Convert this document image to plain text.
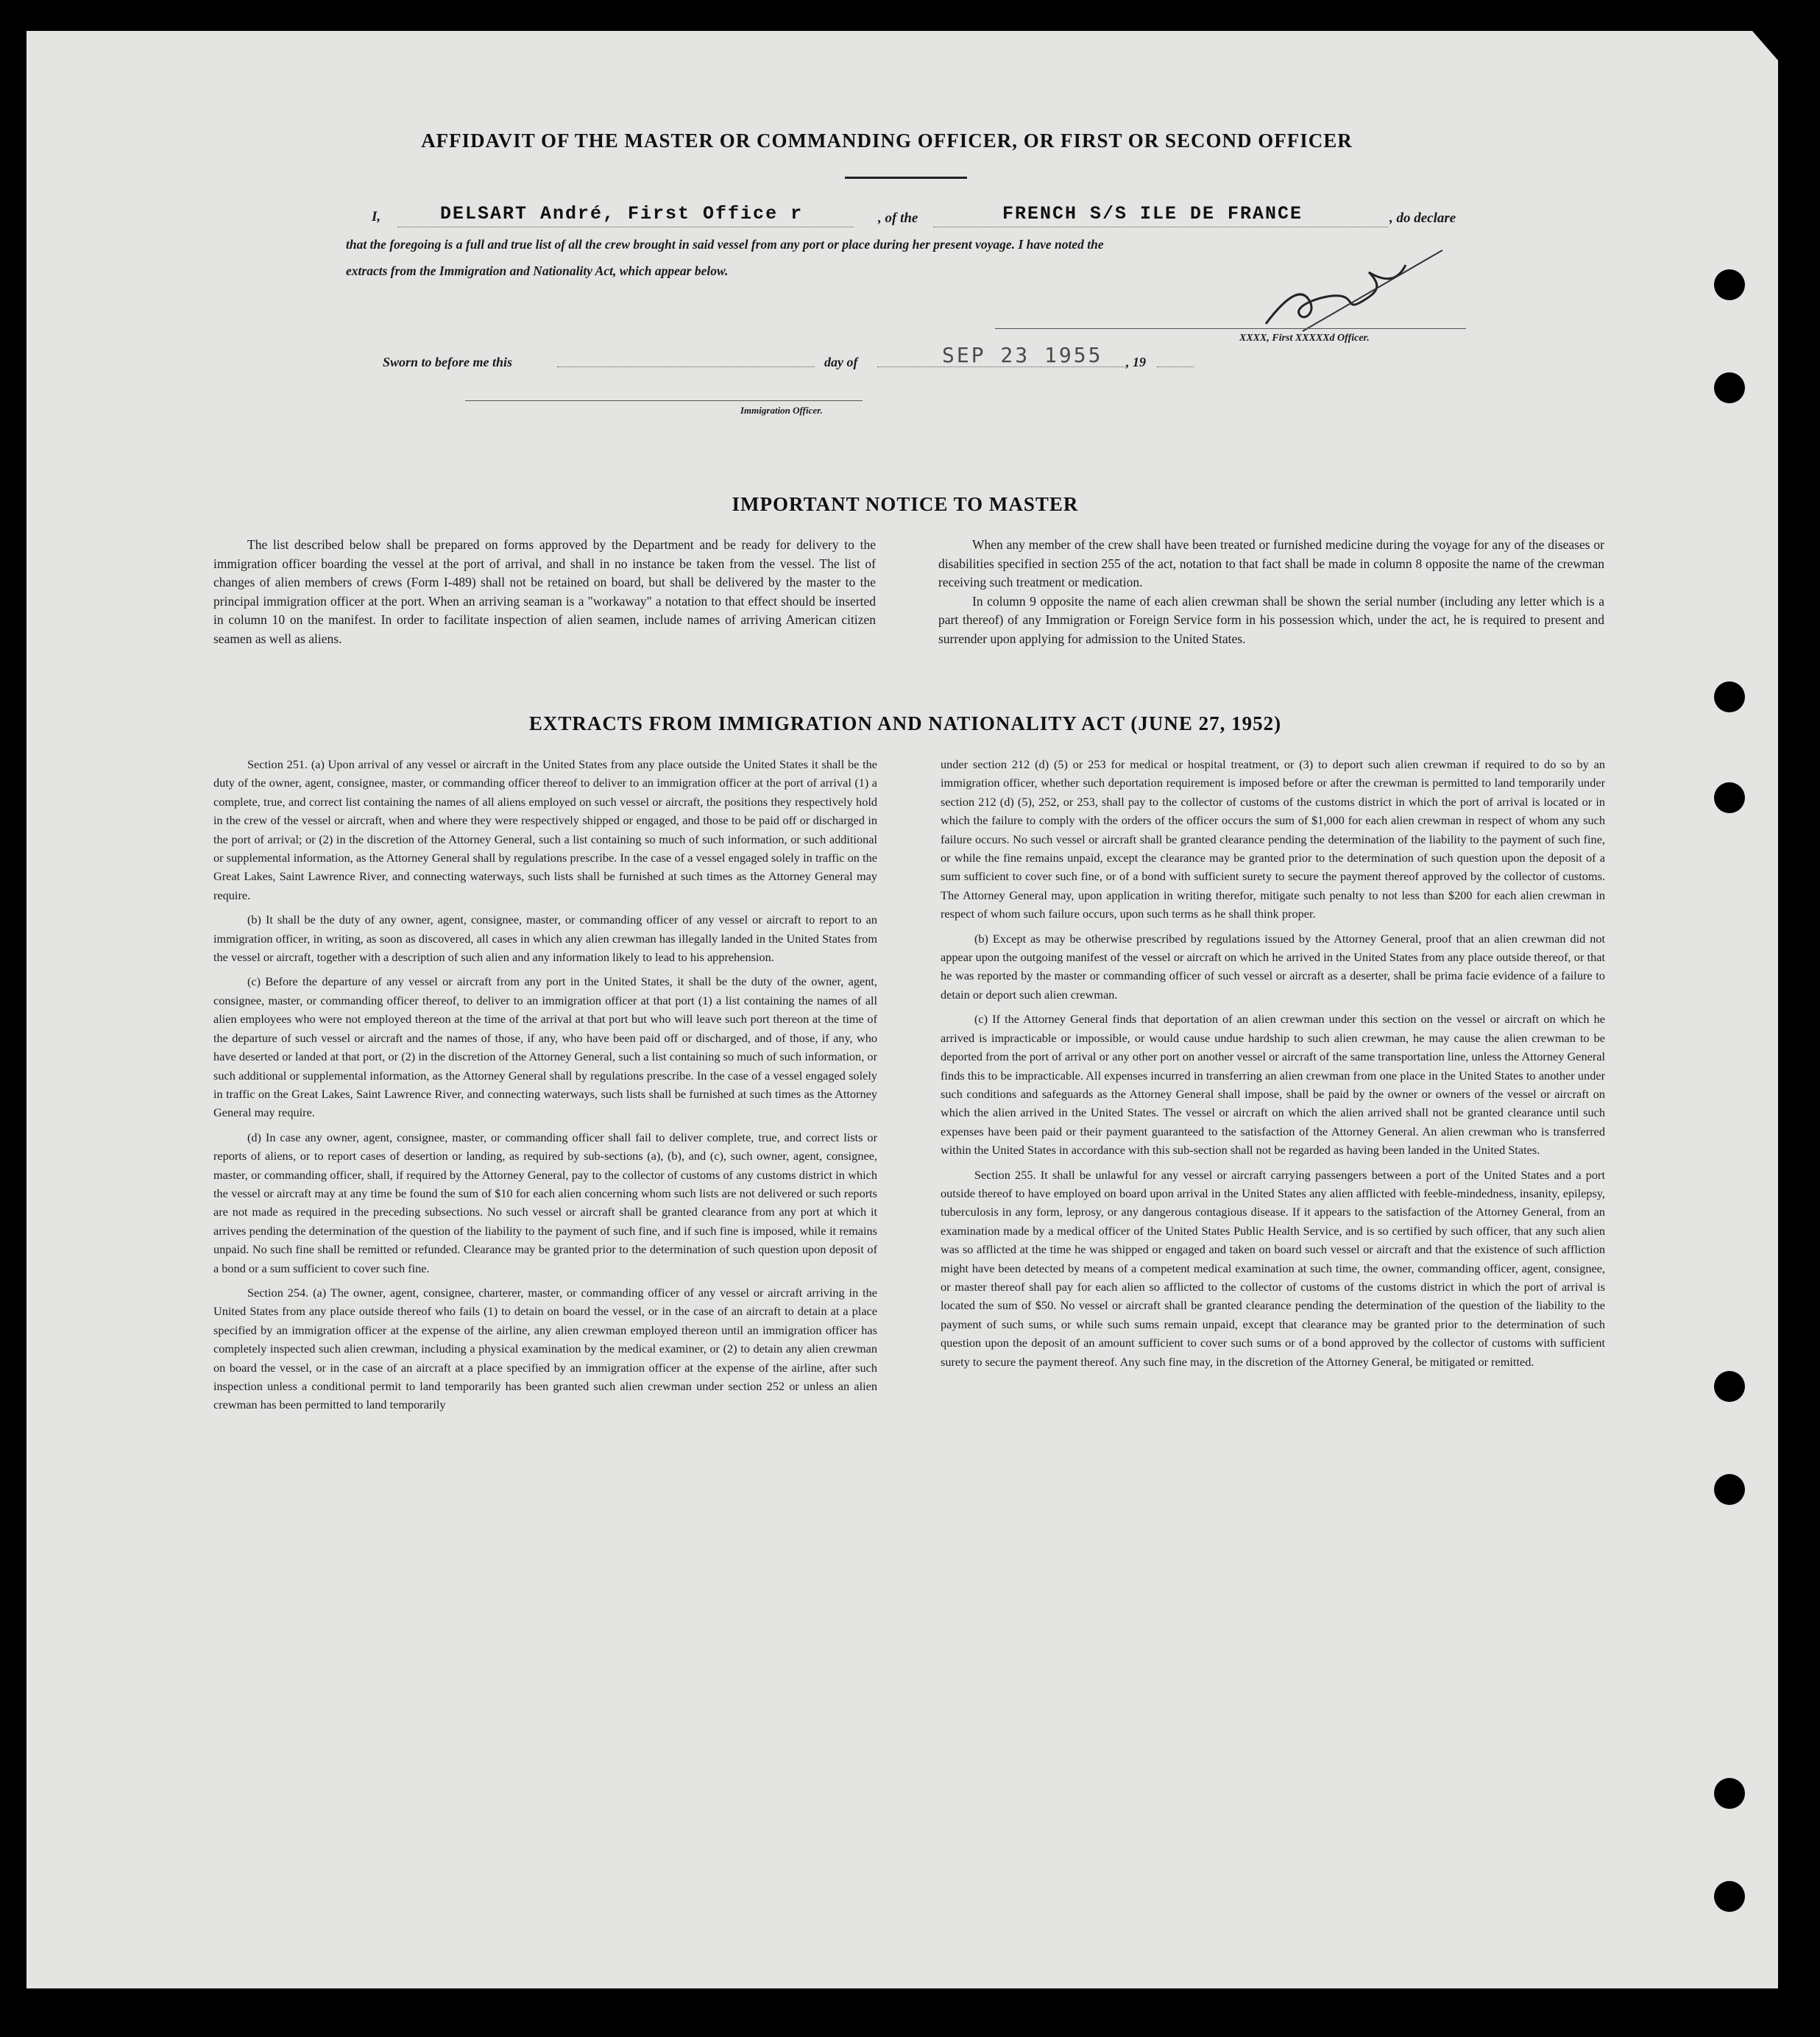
AFFIDAVIT OF THE MASTER OR COMMANDING OFFICER, OR FIRST OR SECOND OFFICER
I,	DELSART André, First Office r	, of the	FRENCH S/S ILE DE FRANCE	, do declare
that the foregoing is a full and true list of all the crew brought in said vessel from any port or place during her present voyage. I have noted the
extracts from the Immigration and Nationality Act, which appear below.
XXXX, First XXXXXd Officer.
Sworn to before me this	day of	SEP 23 1955 , 19
Immigration Officer.
IMPORTANT NOTICE TO MASTER

The list described below shall be prepared on forms approved by the Department and be ready for delivery to the immigration officer boarding the vessel at the port of arrival, and shall in no instance be taken from the vessel. The list of changes of alien members of crews (Form I-489) shall not be retained on board, but shall be delivered by the master to the principal immigration officer at the port. When an arriving seaman is a "workaway" a notation to that effect should be inserted in column 10 on the manifest. In order to facilitate inspection of alien seamen, include names of arriving American citizen seamen as well as aliens.

When any member of the crew shall have been treated or furnished medicine during the voyage for any of the diseases or disabilities specified in section 255 of the act, notation to that fact shall be made in column 8 opposite the name of the crewman receiving such treatment or medication.

In column 9 opposite the name of each alien crewman shall be shown the serial number (including any letter which is a part thereof) of any Immigration or Foreign Service form in his possession which, under the act, he is required to present and surrender upon applying for admission to the United States.

EXTRACTS FROM IMMIGRATION AND NATIONALITY ACT (JUNE 27, 1952)

Section 251. (a) Upon arrival of any vessel or aircraft in the United States from any place outside the United States it shall be the duty of the owner, agent, consignee, master, or commanding officer thereof to deliver to an immigration officer at the port of arrival (1) a complete, true, and correct list containing the names of all aliens employed on such vessel or aircraft, the positions they respectively hold in the crew of the vessel or aircraft, when and where they were respectively shipped or engaged, and those to be paid off or discharged in the port of arrival; or (2) in the discretion of the Attorney General, such a list containing so much of such information, or such additional or supplemental information, as the Attorney General shall by regulations prescribe. In the case of a vessel engaged solely in traffic on the Great Lakes, Saint Lawrence River, and connecting waterways, such lists shall be furnished at such times as the Attorney General may require.

(b) It shall be the duty of any owner, agent, consignee, master, or commanding officer of any vessel or aircraft to report to an immigration officer, in writing, as soon as discovered, all cases in which any alien crewman has illegally landed in the United States from the vessel or aircraft, together with a description of such alien and any information likely to lead to his apprehension.

(c) Before the departure of any vessel or aircraft from any port in the United States, it shall be the duty of the owner, agent, consignee, master, or commanding officer thereof, to deliver to an immigration officer at that port (1) a list containing the names of all alien employees who were not employed thereon at the time of the arrival at that port but who will leave such port thereon at the time of the departure of such vessel or aircraft and the names of those, if any, who have been paid off or discharged, and of those, if any, who have deserted or landed at that port, or (2) in the discretion of the Attorney General, such a list containing so much of such information, or such additional or supplemental information, as the Attorney General shall by regulations prescribe. In the case of a vessel engaged solely in traffic on the Great Lakes, Saint Lawrence River, and connecting waterways, such lists shall be furnished at such times as the Attorney General may require.

(d) In case any owner, agent, consignee, master, or commanding officer shall fail to deliver complete, true, and correct lists or reports of aliens, or to report cases of desertion or landing, as required by sub-sections (a), (b), and (c), such owner, agent, consignee, master, or commanding officer, shall, if required by the Attorney General, pay to the collector of customs of any customs district in which the vessel or aircraft may at any time be found the sum of $10 for each alien concerning whom such lists are not delivered or such reports are not made as required in the preceding subsections. No such vessel or aircraft shall be granted clearance from any port at which it arrives pending the determination of the question of the liability to the payment of such fine, and if such fine is imposed, while it remains unpaid. No such fine shall be remitted or refunded. Clearance may be granted prior to the determination of such question upon deposit of a bond or a sum sufficient to cover such fine.

Section 254. (a) The owner, agent, consignee, charterer, master, or commanding officer of any vessel or aircraft arriving in the United States from any place outside thereof who fails (1) to detain on board the vessel, or in the case of an aircraft to detain at a place specified by an immigration officer at the expense of the airline, any alien crewman employed thereon until an immigration officer has completely inspected such alien crewman, including a physical examination by the medical examiner, or (2) to detain any alien crewman on board the vessel, or in the case of an aircraft at a place specified by an immigration officer at the expense of the airline, after such inspection unless a conditional permit to land temporarily has been granted such alien crewman under section 252 or unless an alien crewman has been permitted to land temporarily

under section 212 (d) (5) or 253 for medical or hospital treatment, or (3) to deport such alien crewman if required to do so by an immigration officer, whether such deportation requirement is imposed before or after the crewman is permitted to land temporarily under section 212 (d) (5), 252, or 253, shall pay to the collector of customs of the customs district in which the port of arrival is located or in which the failure to comply with the orders of the officer occurs the sum of $1,000 for each alien crewman in respect of whom any such failure occurs. No such vessel or aircraft shall be granted clearance pending the determination of the liability to the payment of such fine, or while the fine remains unpaid, except the clearance may be granted prior to the determination of such question upon the deposit of a sum sufficient to cover such fine, or of a bond with sufficient surety to secure the payment thereof approved by the collector of customs. The Attorney General may, upon application in writing therefor, mitigate such penalty to not less than $200 for each alien crewman in respect of whom such failure occurs, upon such terms as he shall think proper.

(b) Except as may be otherwise prescribed by regulations issued by the Attorney General, proof that an alien crewman did not appear upon the outgoing manifest of the vessel or aircraft on which he arrived in the United States from any place outside thereof, or that he was reported by the master or commanding officer of such vessel or aircraft as a deserter, shall be prima facie evidence of a failure to detain or deport such alien crewman.

(c) If the Attorney General finds that deportation of an alien crewman under this section on the vessel or aircraft on which he arrived is impracticable or impossible, or would cause undue hardship to such alien crewman, he may cause the alien crewman to be deported from the port of arrival or any other port on another vessel or aircraft of the same transportation line, unless the Attorney General finds this to be impracticable. All expenses incurred in transferring an alien crewman from one place in the United States to another under such conditions and safeguards as the Attorney General shall impose, shall be paid by the owner or owners of the vessel or aircraft on which the alien arrived in the United States. The vessel or aircraft on which the alien arrived shall not be granted clearance until such expenses have been paid or their payment guaranteed to the satisfaction of the Attorney General. An alien crewman who is transferred within the United States in accordance with this sub-section shall not be regarded as having been landed in the United States.

Section 255. It shall be unlawful for any vessel or aircraft carrying passengers between a port of the United States and a port outside thereof to have employed on board upon arrival in the United States any alien afflicted with feeble-mindedness, insanity, epilepsy, tuberculosis in any form, leprosy, or any dangerous contagious disease. If it appears to the satisfaction of the Attorney General, from an examination made by a medical officer of the United States Public Health Service, and is so certified by such officer, that any such alien was so afflicted at the time he was shipped or engaged and taken on board such vessel or aircraft and that the existence of such affliction might have been detected by means of a competent medical examination at such time, the owner, commanding officer, agent, consignee, or master thereof shall pay for each alien so afflicted to the collector of customs of the customs district in which the port of arrival is located the sum of $50. No vessel or aircraft shall be granted clearance pending the determination of the question of the liability to the payment of such sums, or while such sums remain unpaid, except that clearance may be granted prior to the determination of such question upon the deposit of an amount sufficient to cover such sums or of a bond approved by the collector of customs with sufficient surety to secure the payment thereof. Any such fine may, in the discretion of the Attorney General, be mitigated or remitted.
